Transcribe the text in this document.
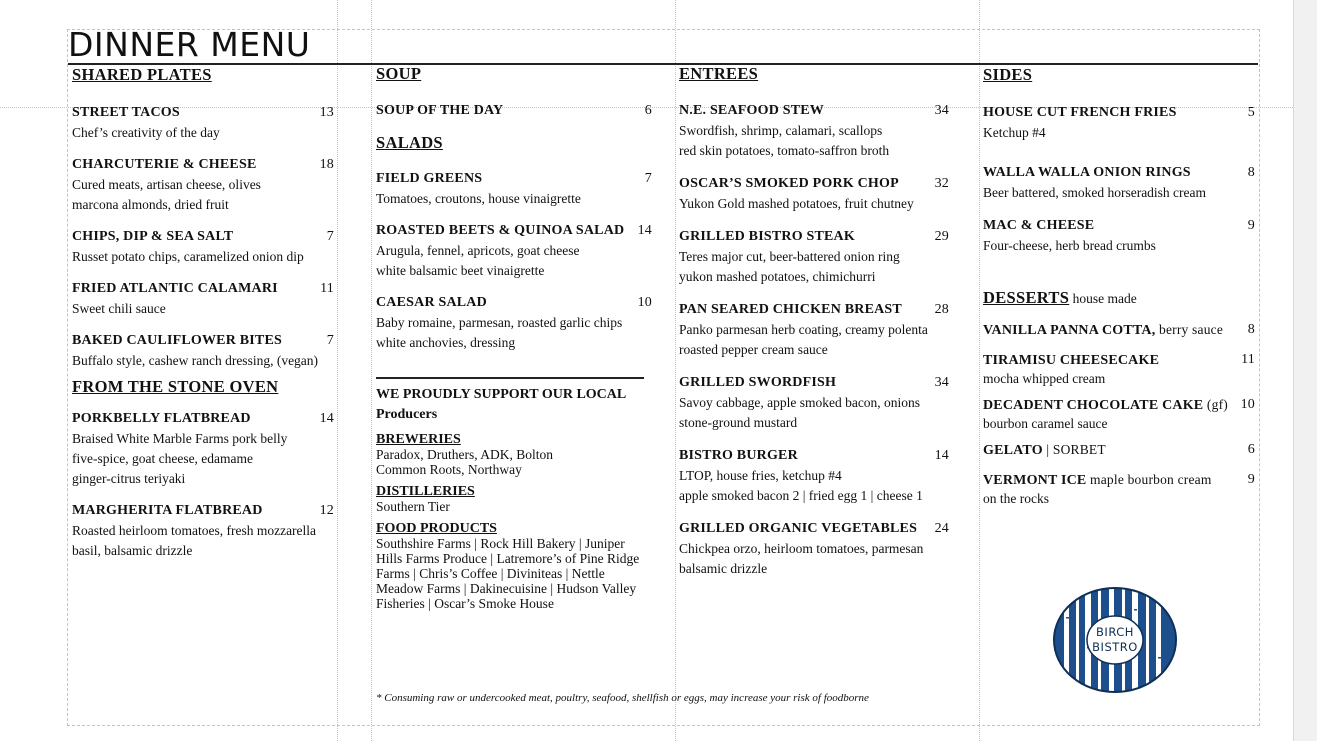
DINNER MENU
SHARED PLATES
STREET TACOS	13
Chef’s creativity of the day
CHARCUTERIE & CHEESE	18
Cured meats, artisan cheese, olives
marcona almonds, dried fruit
CHIPS, DIP & SEA SALT	7
Russet potato chips, caramelized onion dip
FRIED ATLANTIC CALAMARI	11
Sweet chili sauce
BAKED CAULIFLOWER BITES	7
Buffalo style, cashew ranch dressing, (vegan)
FROM THE STONE OVEN
PORKBELLY FLATBREAD	14
Braised White Marble Farms pork belly
five-spice, goat cheese, edamame
ginger-citrus teriyaki
MARGHERITA FLATBREAD	12
Roasted heirloom tomatoes, fresh mozzarella
basil, balsamic drizzle
SOUP
SOUP OF THE DAY	6
SALADS
FIELD GREENS	7
Tomatoes, croutons, house vinaigrette
ROASTED BEETS & QUINOA SALAD 14
Arugula, fennel, apricots, goat cheese
white balsamic beet vinaigrette
CAESAR SALAD	10
Baby romaine, parmesan, roasted garlic chips
white anchovies, dressing
WE PROUDLY SUPPORT OUR LOCAL
Producers
BREWERIES
Paradox, Druthers, ADK, Bolton
Common Roots, Northway
DISTILLERIES
Southern Tier
FOOD PRODUCTS
Southshire Farms | Rock Hill Bakery | Juniper
Hills Farms Produce | Latremore’s of Pine Ridge
Farms | Chris’s Coffee | Diviniteas | Nettle
Meadow Farms | Dakinecuisine | Hudson Valley
Fisheries | Oscar’s Smoke House
ENTREES
N.E. SEAFOOD STEW	34
Swordfish, shrimp, calamari, scallops
red skin potatoes, tomato-saffron broth
OSCAR’S SMOKED PORK CHOP	32
Yukon Gold mashed potatoes, fruit chutney
GRILLED BISTRO STEAK	29
Teres major cut, beer-battered onion ring
yukon mashed potatoes, chimichurri
PAN SEARED CHICKEN BREAST 28
Panko parmesan herb coating, creamy polenta
roasted pepper cream sauce
GRILLED SWORDFISH	34
Savoy cabbage, apple smoked bacon, onions
stone-ground mustard
BISTRO BURGER	14
LTOP, house fries, ketchup #4
apple smoked bacon 2 | fried egg 1 | cheese 1
GRILLED ORGANIC VEGETABLES 24
Chickpea orzo, heirloom tomatoes, parmesan
balsamic drizzle
SIDES
HOUSE CUT FRENCH FRIES	5
Ketchup #4
WALLA WALLA ONION RINGS	8
Beer battered, smoked horseradish cream
MAC & CHEESE	9
Four-cheese, herb bread crumbs
DESSERTS house made
VANILLA PANNA COTTA, berry sauce 8
TIRAMISU CHEESECAKE	11
mocha whipped cream
DECADENT CHOCOLATE CAKE (gf) 10
bourbon caramel sauce
GELATO | SORBET	6
VERMONT ICE maple bourbon cream	9
on the rocks
* Consuming raw or undercooked meat, poultry, seafood, shellfish or eggs, may increase your risk of foodborne
BIRCH
BISTRO
